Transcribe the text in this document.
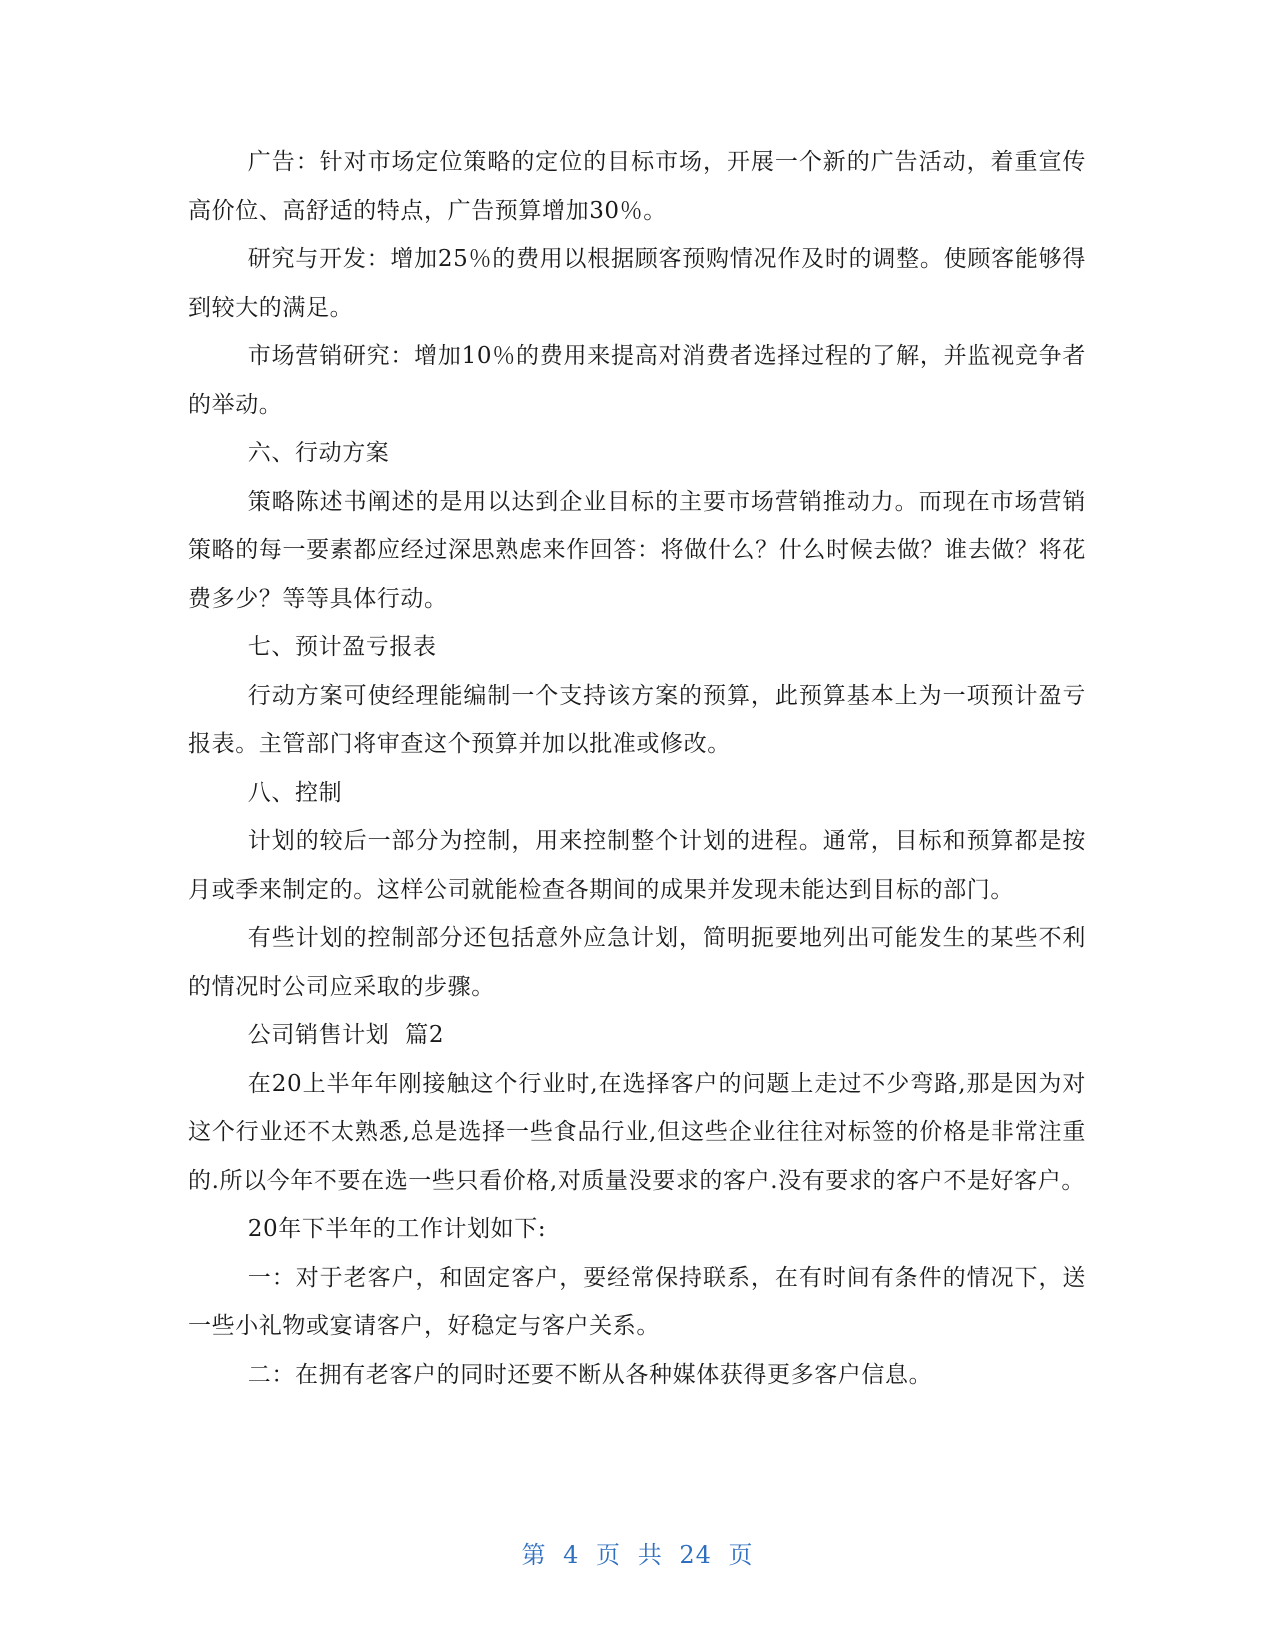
广告：针对市场定位策略的定位的目标市场，开展一个新的广告活动，着重宣传高价位、高舒适的特点，广告预算增加30％。

研究与开发：增加25％的费用以根据顾客预购情况作及时的调整。使顾客能够得到较大的满足。

市场营销研究：增加10％的费用来提高对消费者选择过程的了解，并监视竞争者的举动。

六、行动方案

策略陈述书阐述的是用以达到企业目标的主要市场营销推动力。而现在市场营销策略的每一要素都应经过深思熟虑来作回答：将做什么？什么时候去做？谁去做？将花费多少？等等具体行动。

七、预计盈亏报表

行动方案可使经理能编制一个支持该方案的预算，此预算基本上为一项预计盈亏报表。主管部门将审查这个预算并加以批准或修改。

八、控制

计划的较后一部分为控制，用来控制整个计划的进程。通常，目标和预算都是按月或季来制定的。这样公司就能检查各期间的成果并发现未能达到目标的部门。

有些计划的控制部分还包括意外应急计划，简明扼要地列出可能发生的某些不利的情况时公司应采取的步骤。

公司销售计划  篇2

在20上半年年刚接触这个行业时,在选择客户的问题上走过不少弯路,那是因为对这个行业还不太熟悉,总是选择一些食品行业,但这些企业往往对标签的价格是非常注重的.所以今年不要在选一些只看价格,对质量没要求的客户.没有要求的客户不是好客户。

20年下半年的工作计划如下:

一：对于老客户，和固定客户，要经常保持联系，在有时间有条件的情况下，送一些小礼物或宴请客户，好稳定与客户关系。

二：在拥有老客户的同时还要不断从各种媒体获得更多客户信息。

第 4 页 共 24 页
